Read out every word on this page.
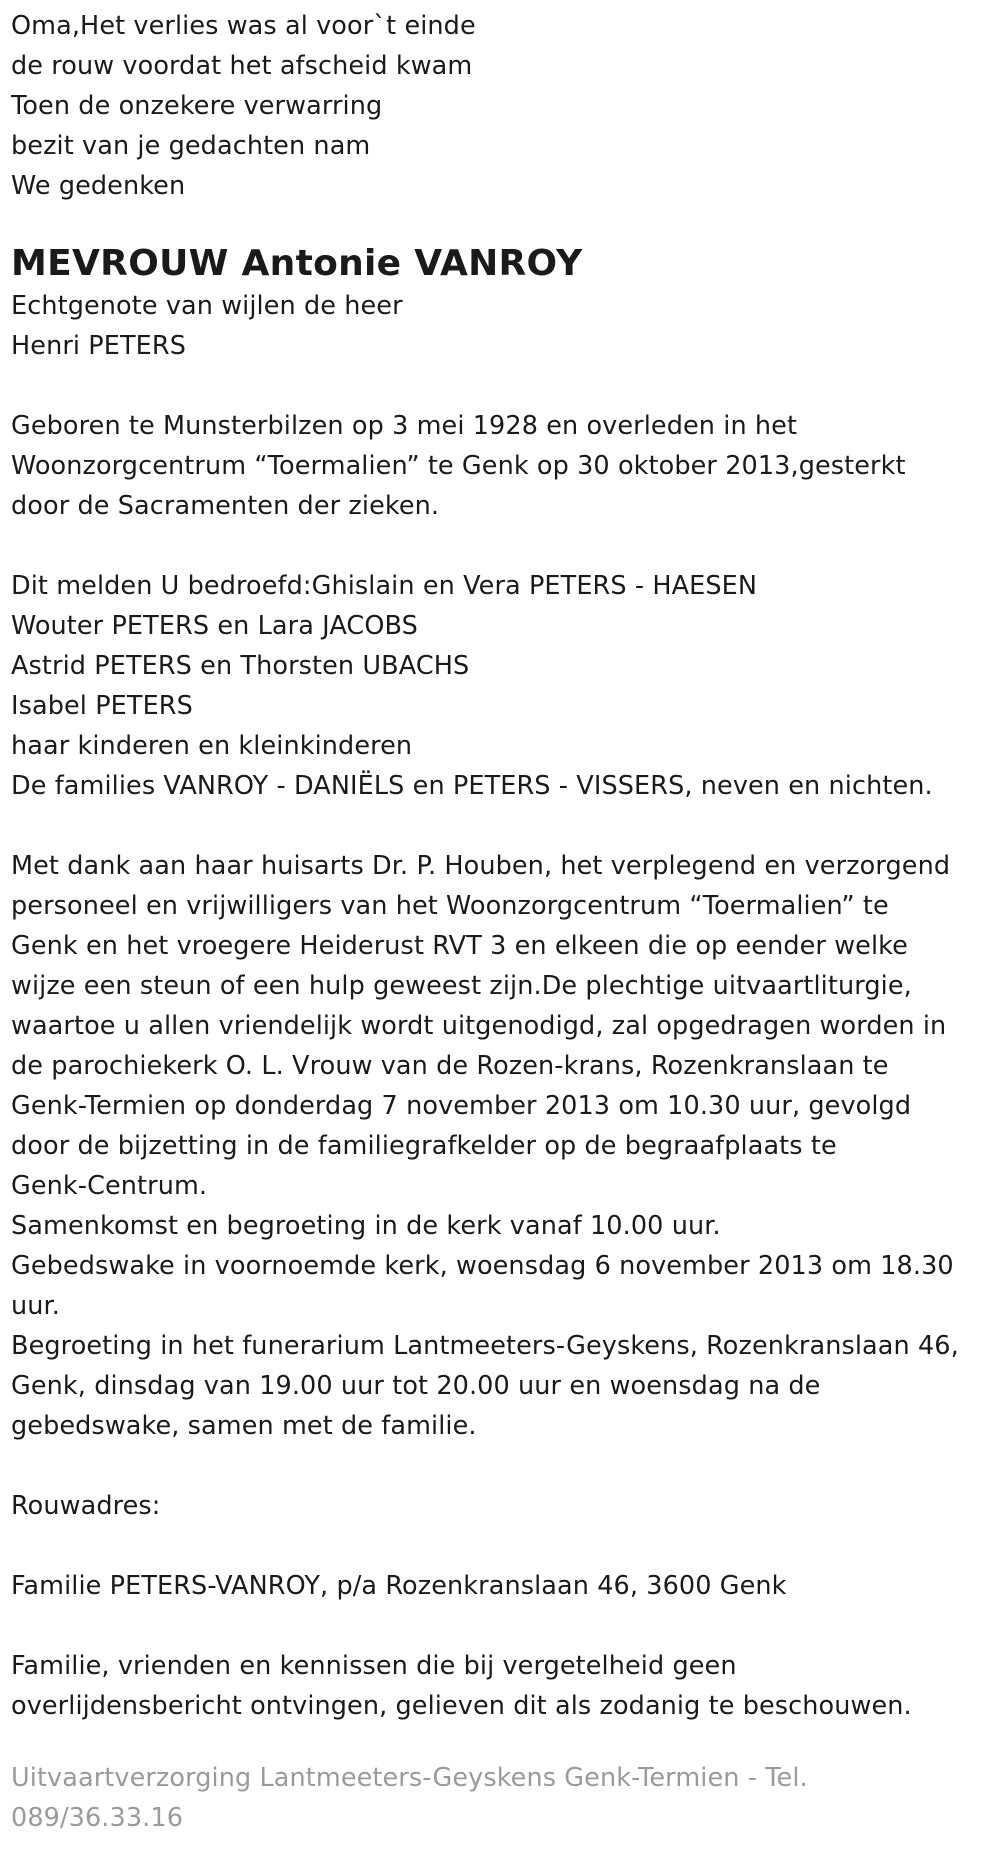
Oma,Het verlies was al voor`t einde
de rouw voordat het afscheid kwam
Toen de onzekere verwarring
bezit van je gedachten nam
We gedenken
MEVROUW Antonie VANROY
Echtgenote van wijlen de heer
Henri PETERS
Geboren te Munsterbilzen op 3 mei 1928 en overleden in het
Woonzorgcentrum “Toermalien” te Genk op 30 oktober 2013,gesterkt
door de Sacramenten der zieken.
Dit melden U bedroefd:Ghislain en Vera PETERS - HAESEN
Wouter PETERS en Lara JACOBS
Astrid PETERS en Thorsten UBACHS
Isabel PETERS
haar kinderen en kleinkinderen
De families VANROY - DANIËLS en PETERS - VISSERS, neven en nichten.
Met dank aan haar huisarts Dr. P. Houben, het verplegend en verzorgend
personeel en vrijwilligers van het Woonzorgcentrum “Toermalien” te
Genk en het vroegere Heiderust RVT 3 en elkeen die op eender welke
wijze een steun of een hulp geweest zijn.De plechtige uitvaartliturgie,
waartoe u allen vriendelijk wordt uitgenodigd, zal opgedragen worden in
de parochiekerk O. L. Vrouw van de Rozen-krans, Rozenkranslaan te
Genk-Termien op donderdag 7 november 2013 om 10.30 uur, gevolgd
door de bijzetting in de familiegrafkelder op de begraafplaats te
Genk-Centrum.
Samenkomst en begroeting in de kerk vanaf 10.00 uur.
Gebedswake in voornoemde kerk, woensdag 6 november 2013 om 18.30
uur.
Begroeting in het funerarium Lantmeeters-Geyskens, Rozenkranslaan 46,
Genk, dinsdag van 19.00 uur tot 20.00 uur en woensdag na de
gebedswake, samen met de familie.
Rouwadres:
Familie PETERS-VANROY, p/a Rozenkranslaan 46, 3600 Genk
Familie, vrienden en kennissen die bij vergetelheid geen
overlijdensbericht ontvingen, gelieven dit als zodanig te beschouwen.
Uitvaartverzorging Lantmeeters-Geyskens Genk-Termien - Tel.
089/36.33.16
